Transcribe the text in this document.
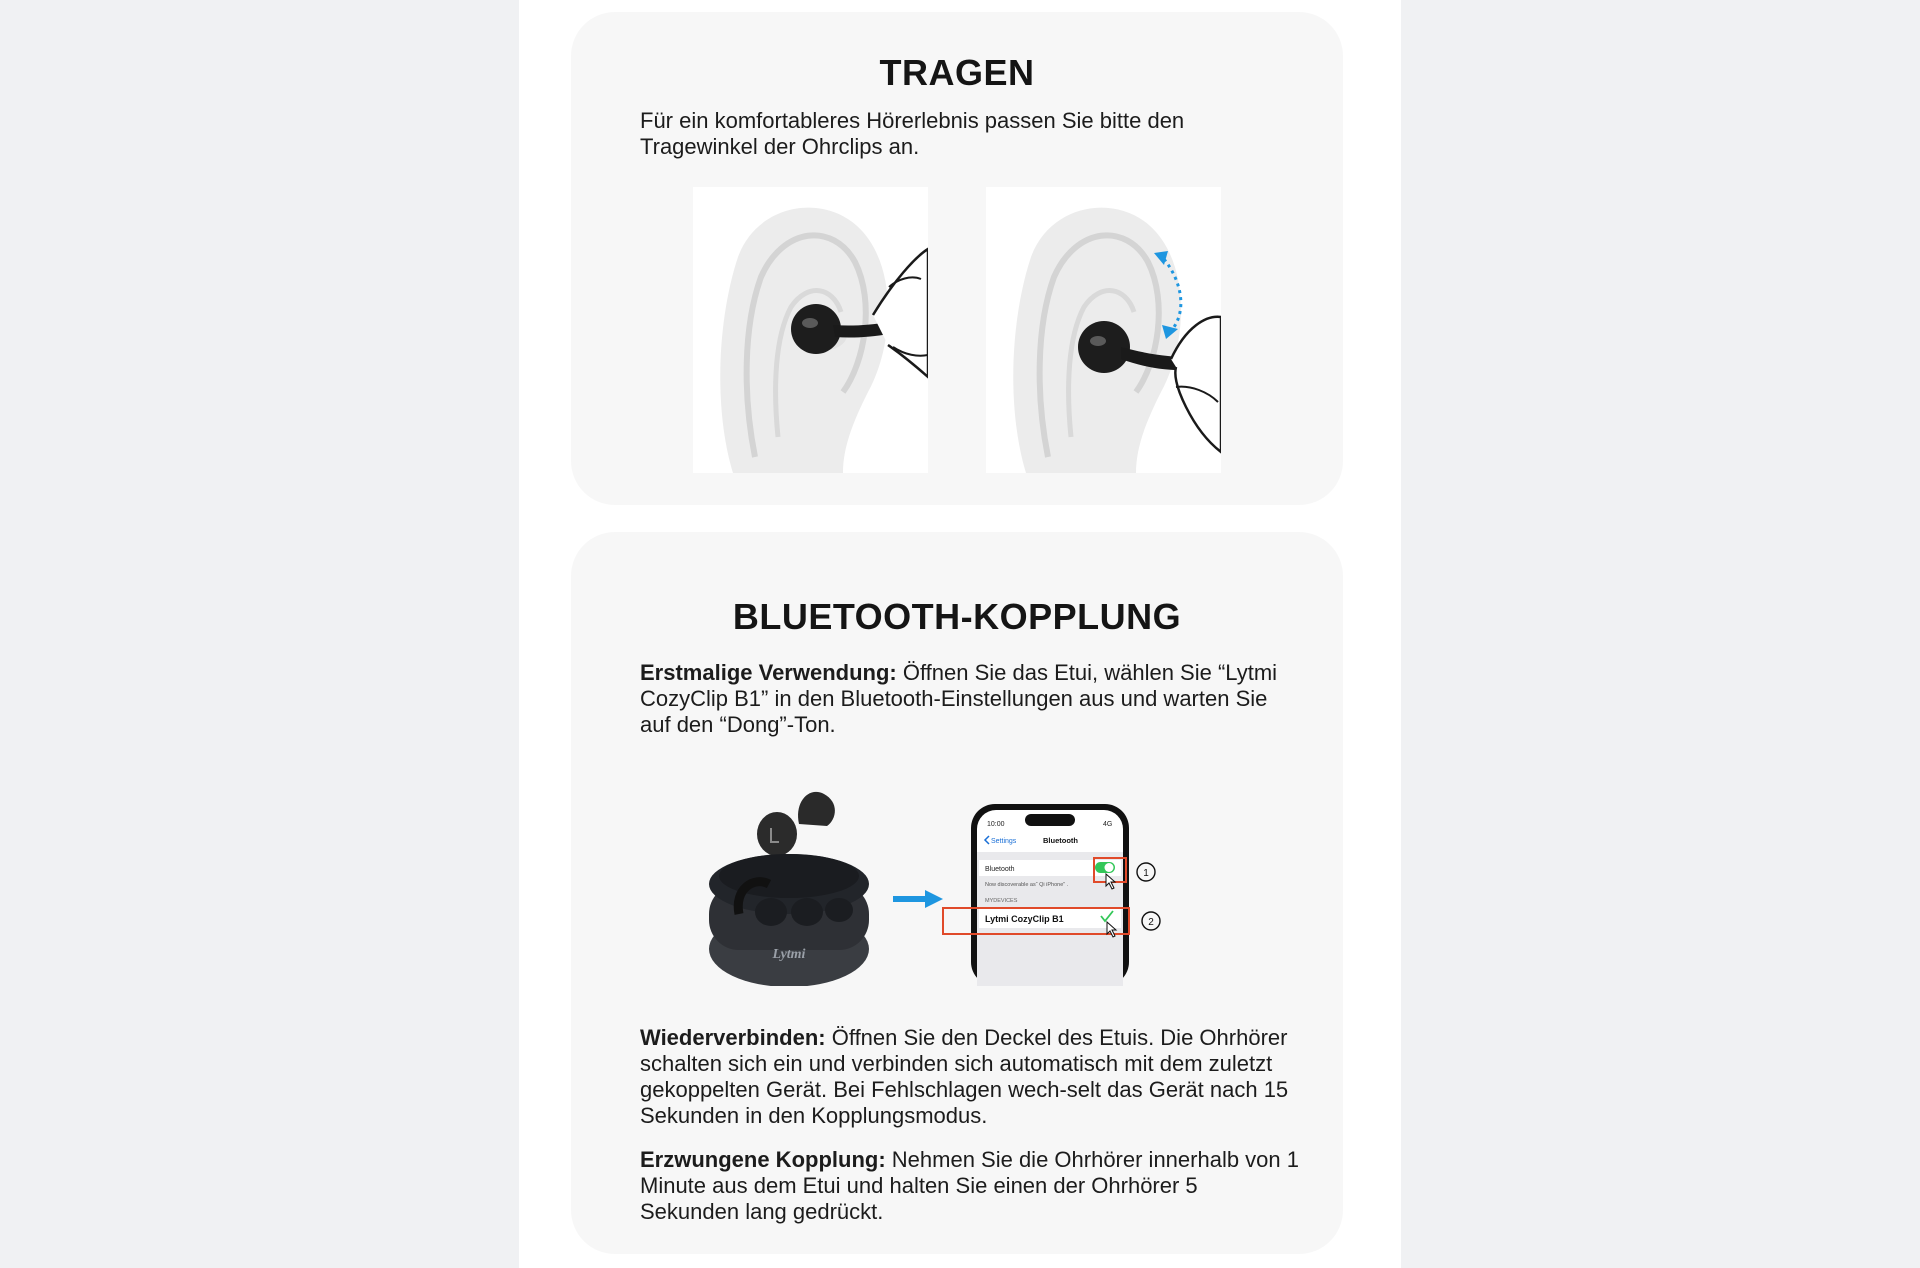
TRAGEN

Für ein komfortableres Hörerlebnis passen Sie bitte den Tragewinkel der Ohrclips an.

BLUETOOTH-KOPPLUNG

Erstmalige Verwendung: Öffnen Sie das Etui, wählen Sie “Lytmi CozyClip B1” in den Bluetooth-Einstellungen aus und warten Sie auf den “Dong”-Ton.

Lytmi
10:00	4G
Settings	Bluetooth
Bluetooth
Now discoverable as“ Qi iPhone” .
MYDEVICES
Lytmi CozyClip B1
1
2

Wiederverbinden: Öffnen Sie den Deckel des Etuis. Die Ohrhörer schalten sich ein und verbinden sich automatisch mit dem zuletzt gekoppelten Gerät. Bei Fehlschlagen wech-selt das Gerät nach 15 Sekunden in den Kopplungsmodus.

Erzwungene Kopplung: Nehmen Sie die Ohrhörer innerhalb von 1 Minute aus dem Etui und halten Sie einen der Ohrhörer 5 Sekunden lang gedrückt.
